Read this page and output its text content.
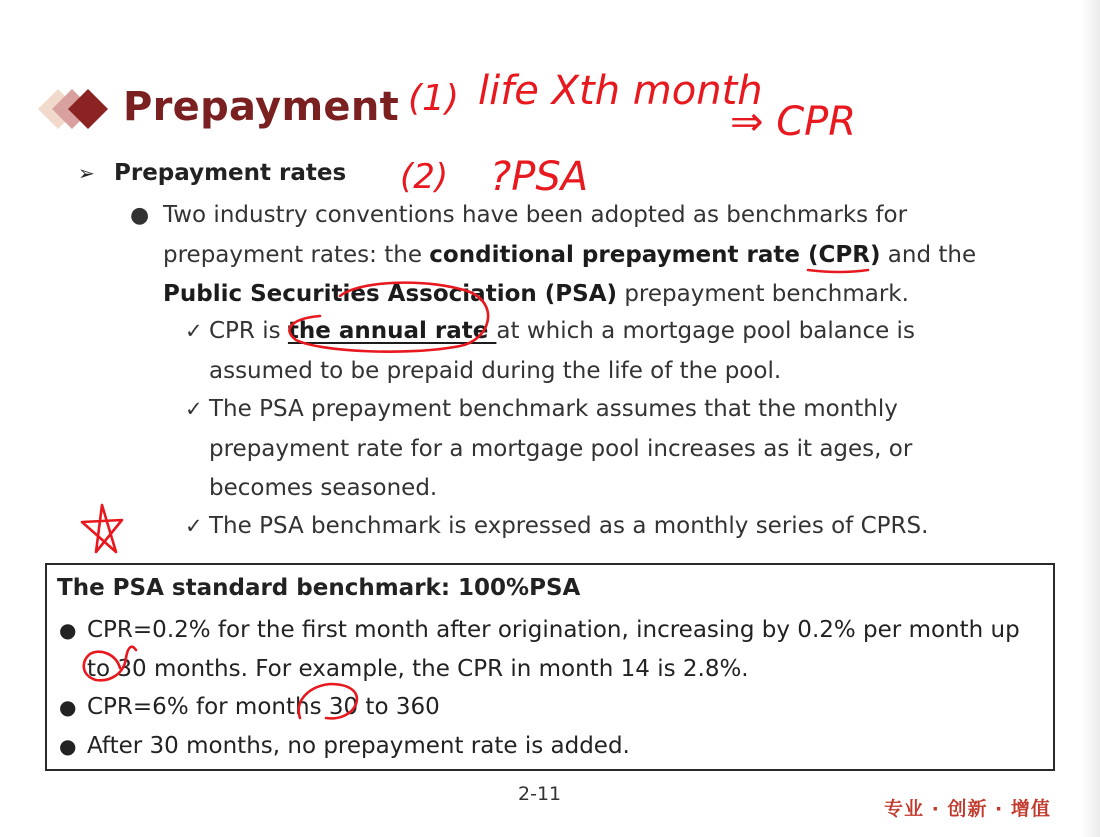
Prepayment
➢ Prepayment rates
● Two industry conventions have been adopted as benchmarks for prepayment rates: the conditional prepayment rate (CPR) and the
Public Securities Association (PSA) prepayment benchmark.
✓ CPR is the annual rate at which a mortgage pool balance is assumed to be prepaid during the life of the pool.
✓ The PSA prepayment benchmark assumes that the monthly prepayment rate for a mortgage pool increases as it ages, or becomes seasoned.
✓ The PSA benchmark is expressed as a monthly series of CPRS.
The PSA standard benchmark: 100%PSA
● CPR=0.2% for the first month after origination, increasing by 0.2% per month up to 30 months. For example, the CPR in month 14 is 2.8%.
● CPR=6% for months 30 to 360
● After 30 months, no prepayment rate is added.
2-11
专业 · 创新 · 增值
(1) life Xth month
⇒ CPR
(2) ?PSA
